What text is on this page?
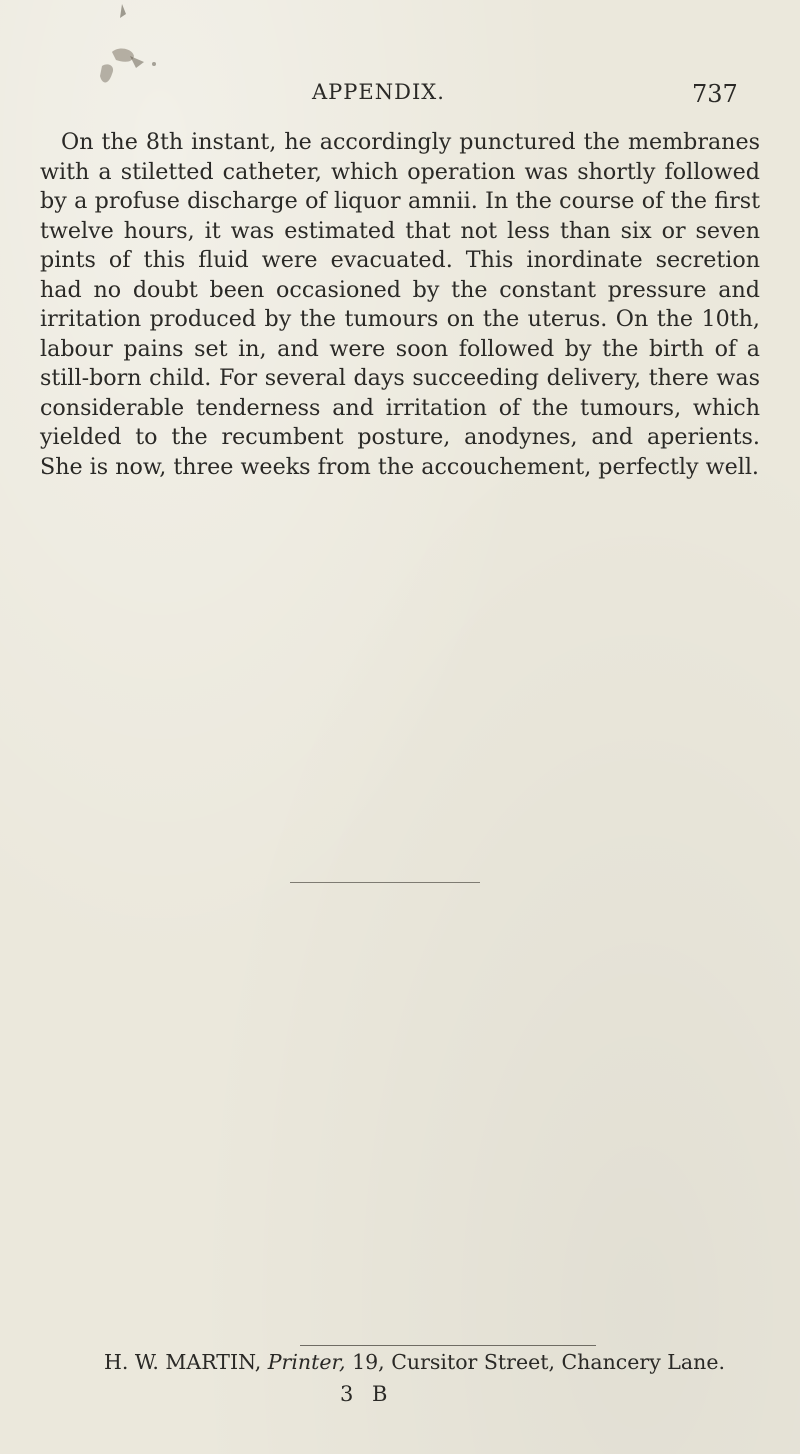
APPENDIX.	737

On the 8th instant, he accordingly punctured the membranes with a stiletted catheter, which operation was shortly followed by a profuse discharge of liquor amnii. In the course of the first twelve hours, it was estimated that not less than six or seven pints of this fluid were evacuated. This inordinate secretion had no doubt been occasioned by the constant pressure and irritation produced by the tumours on the uterus. On the 10th, labour pains set in, and were soon followed by the birth of a still-born child. For several days succeeding delivery, there was considerable tenderness and irritation of the tumours, which yielded to the recumbent posture, anodynes, and aperients. She is now, three weeks from the accouchement, perfectly well.

H. W. MARTIN, Printer, 19, Cursitor Street, Chancery Lane.
3 B
